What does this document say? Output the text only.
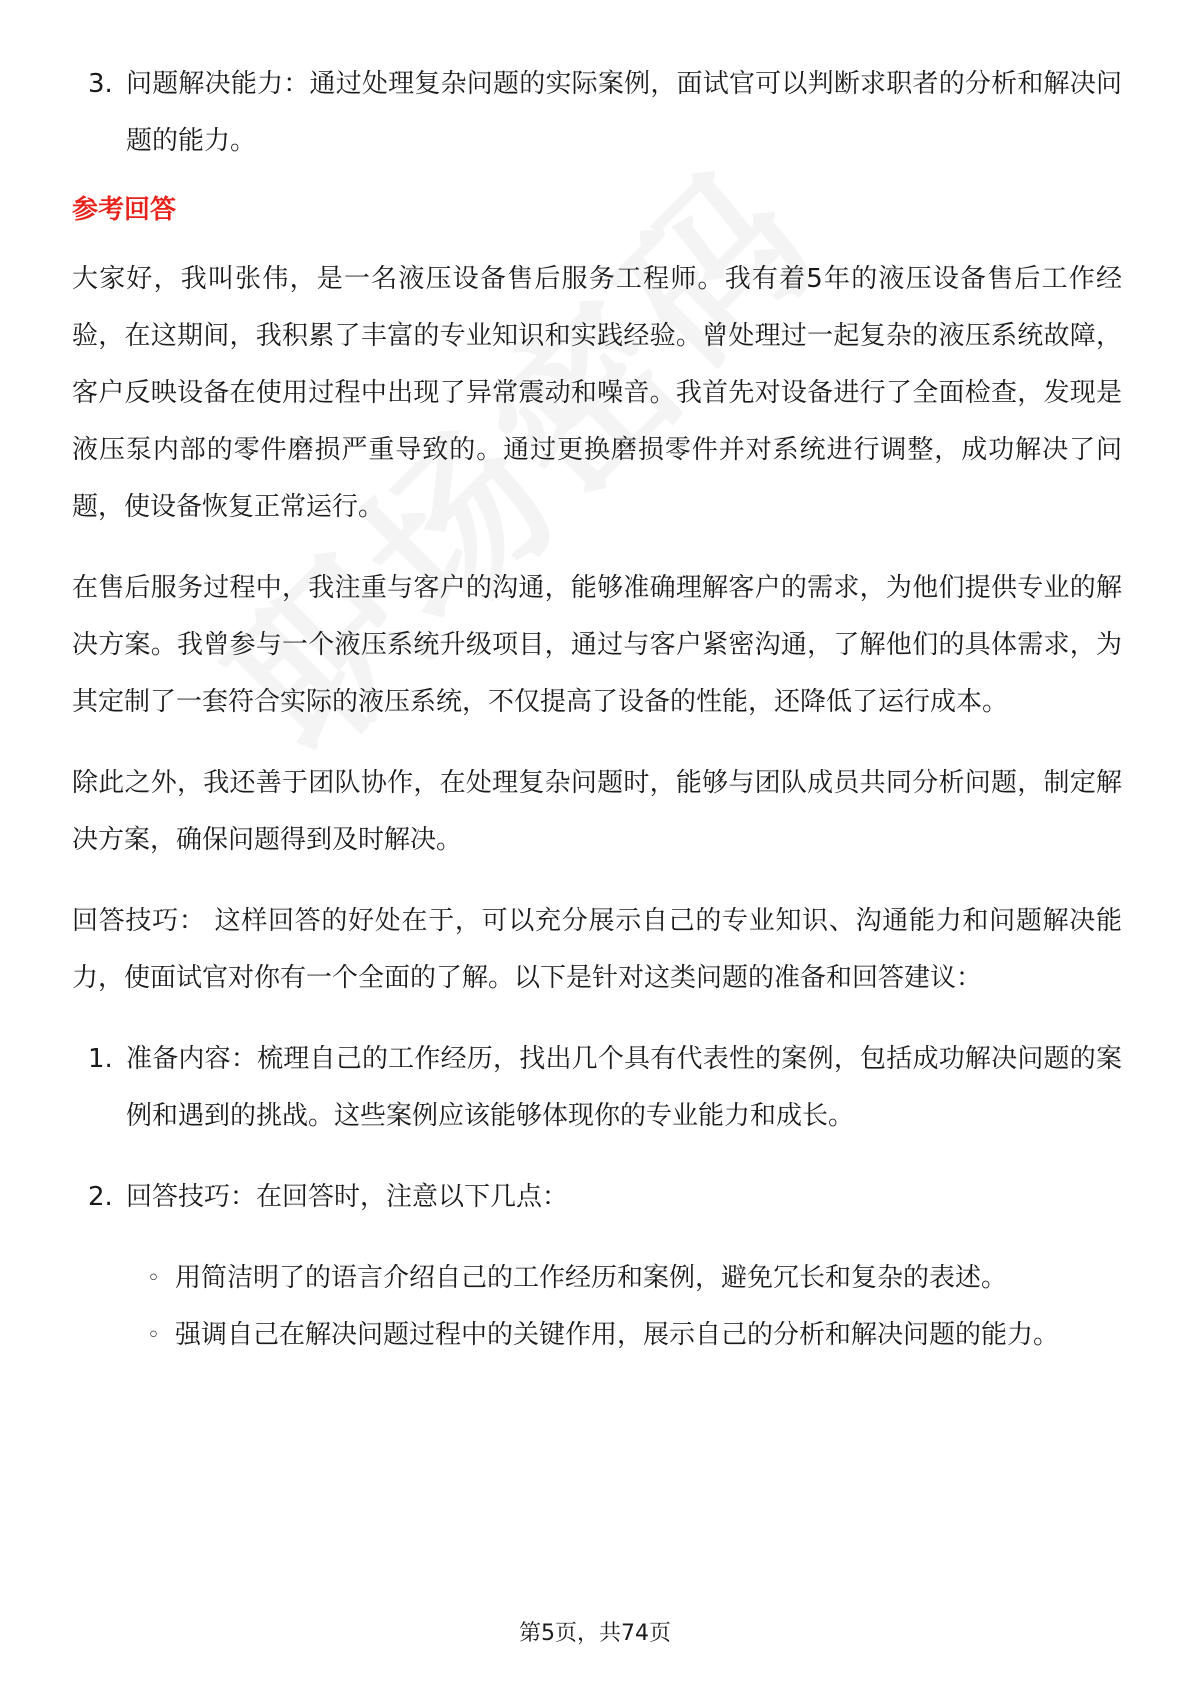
3. 问题解决能力：通过处理复杂问题的实际案例，面试官可以判断求职者的分析和解决问题的能力。

参考回答

大家好，我叫张伟，是一名液压设备售后服务工程师。我有着5年的液压设备售后工作经验，在这期间，我积累了丰富的专业知识和实践经验。曾处理过一起复杂的液压系统故障，客户反映设备在使用过程中出现了异常震动和噪音。我首先对设备进行了全面检查，发现是液压泵内部的零件磨损严重导致的。通过更换磨损零件并对系统进行调整，成功解决了问题，使设备恢复正常运行。

在售后服务过程中，我注重与客户的沟通，能够准确理解客户的需求，为他们提供专业的解决方案。我曾参与一个液压系统升级项目，通过与客户紧密沟通，了解他们的具体需求，为其定制了一套符合实际的液压系统，不仅提高了设备的性能，还降低了运行成本。

除此之外，我还善于团队协作，在处理复杂问题时，能够与团队成员共同分析问题，制定解决方案，确保问题得到及时解决。

回答技巧： 这样回答的好处在于，可以充分展示自己的专业知识、沟通能力和问题解决能力，使面试官对你有一个全面的了解。以下是针对这类问题的准备和回答建议：

1. 准备内容：梳理自己的工作经历，找出几个具有代表性的案例，包括成功解决问题的案例和遇到的挑战。这些案例应该能够体现你的专业能力和成长。
2. 回答技巧：在回答时，注意以下几点：
◦ 用简洁明了的语言介绍自己的工作经历和案例，避免冗长和复杂的表述。
◦ 强调自己在解决问题过程中的关键作用，展示自己的分析和解决问题的能力。
第5页，共74页
